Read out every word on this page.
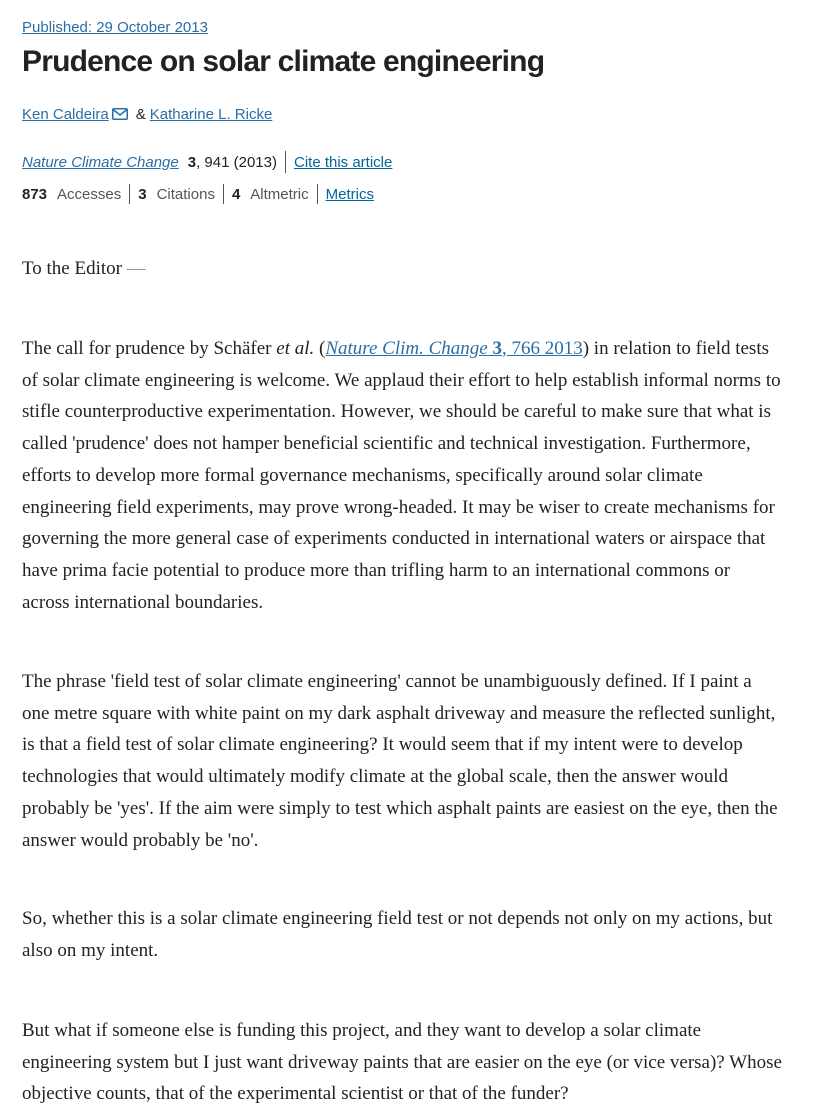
Published: 29 October 2013
Prudence on solar climate engineering
Ken Caldeira & Katharine L. Ricke
Nature Climate Change 3 , 941 (2013) Cite this article
873 Accesses 3 Citations 4 Altmetric Metrics

To the Editor —

The call for prudence by Schäfer et al. (Nature Clim. Change 3, 766 2013) in relation to field tests of solar climate engineering is welcome. We applaud their effort to help establish informal norms to stifle counterproductive experimentation. However, we should be careful to make sure that what is called 'prudence' does not hamper beneficial scientific and technical investigation. Furthermore, efforts to develop more formal governance mechanisms, specifically around solar climate engineering field experiments, may prove wrong-headed. It may be wiser to create mechanisms for governing the more general case of experiments conducted in international waters or airspace that have prima facie potential to produce more than trifling harm to an international commons or across international boundaries.

The phrase 'field test of solar climate engineering' cannot be unambiguously defined. If I paint a one metre square with white paint on my dark asphalt driveway and measure the reflected sunlight, is that a field test of solar climate engineering? It would seem that if my intent were to develop technologies that would ultimately modify climate at the global scale, then the answer would probably be 'yes'. If the aim were simply to test which asphalt paints are easiest on the eye, then the answer would probably be 'no'.

So, whether this is a solar climate engineering field test or not depends not only on my actions, but also on my intent.

But what if someone else is funding this project, and they want to develop a solar climate engineering system but I just want driveway paints that are easier on the eye (or vice versa)? Whose objective counts, that of the experimental scientist or that of the funder?
